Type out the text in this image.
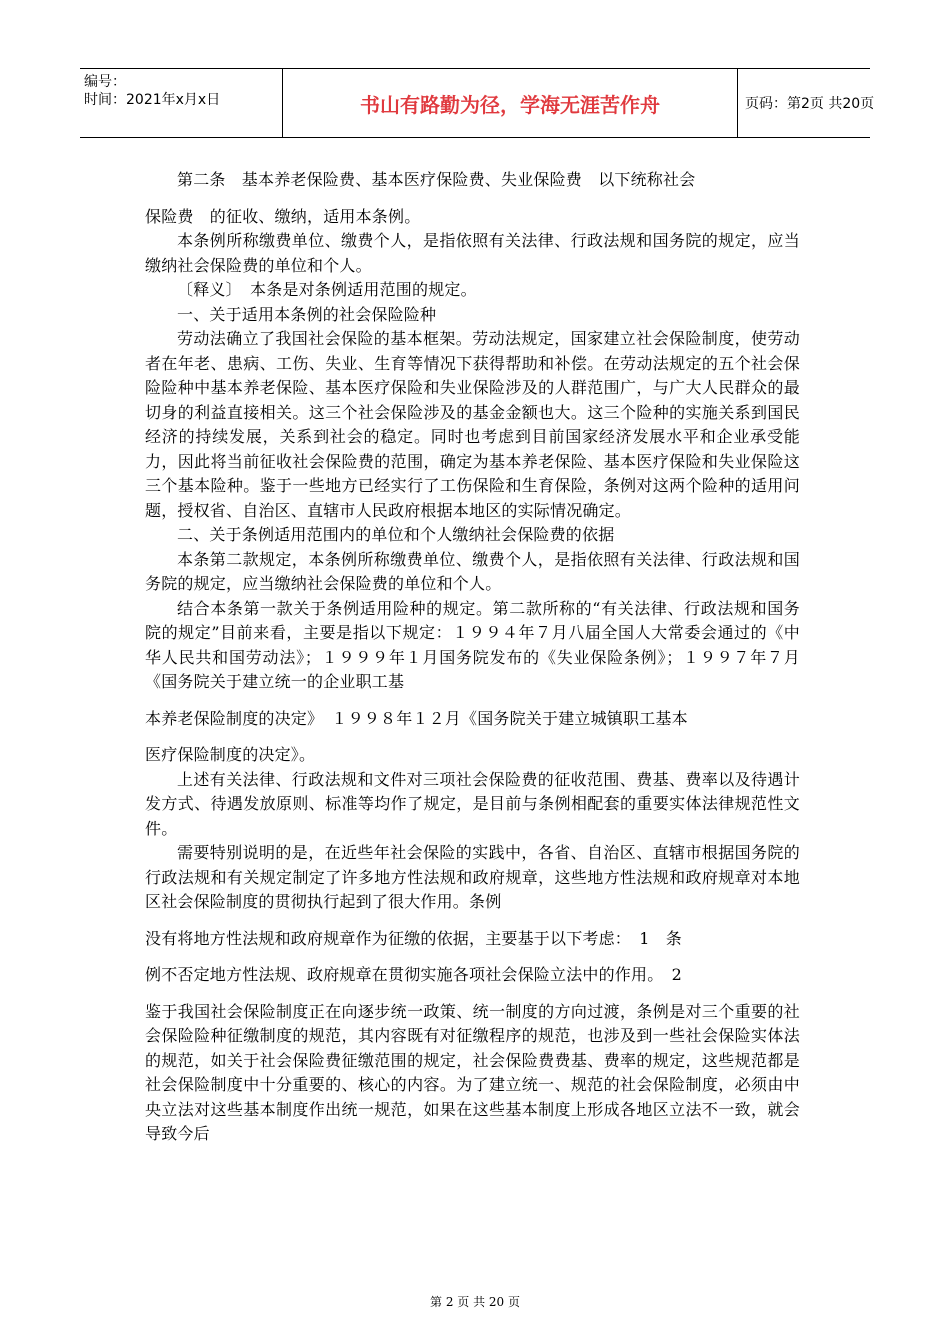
编号：
时间：2021年x月x日	书山有路勤为径，学海无涯苦作舟	页码：第2页 共20页

第二条　基本养老保险费、基本医疗保险费、失业保险费　以下统称社会

保险费　的征收、缴纳，适用本条例。

本条例所称缴费单位、缴费个人，是指依照有关法律、行政法规和国务院的规定，应当缴纳社会保险费的单位和个人。

〔释义〕　本条是对条例适用范围的规定。

一、关于适用本条例的社会保险险种

劳动法确立了我国社会保险的基本框架。劳动法规定，国家建立社会保险制度，使劳动者在年老、患病、工伤、失业、生育等情况下获得帮助和补偿。在劳动法规定的五个社会保险险种中基本养老保险、基本医疗保险和失业保险涉及的人群范围广，与广大人民群众的最切身的利益直接相关。这三个社会保险涉及的基金金额也大。这三个险种的实施关系到国民经济的持续发展，关系到社会的稳定。同时也考虑到目前国家经济发展水平和企业承受能力，因此将当前征收社会保险费的范围，确定为基本养老保险、基本医疗保险和失业保险这三个基本险种。鉴于一些地方已经实行了工伤保险和生育保险，条例对这两个险种的适用问题，授权省、自治区、直辖市人民政府根据本地区的实际情况确定。

二、关于条例适用范围内的单位和个人缴纳社会保险费的依据

本条第二款规定，本条例所称缴费单位、缴费个人，是指依照有关法律、行政法规和国务院的规定，应当缴纳社会保险费的单位和个人。

结合本条第一款关于条例适用险种的规定。第二款所称的“有关法律、行政法规和国务院的规定”目前来看，主要是指以下规定：１９９４年７月八届全国人大常委会通过的《中华人民共和国劳动法》；１９９９年１月国务院发布的《失业保险条例》；１９９７年７月《国务院关于建立统一的企业职工基

本养老保险制度的决定》　１９９８年１２月《国务院关于建立城镇职工基本

医疗保险制度的决定》。

上述有关法律、行政法规和文件对三项社会保险费的征收范围、费基、费率以及待遇计发方式、待遇发放原则、标准等均作了规定，是目前与条例相配套的重要实体法律规范性文件。

需要特别说明的是，在近些年社会保险的实践中，各省、自治区、直辖市根据国务院的行政法规和有关规定制定了许多地方性法规和政府规章，这些地方性法规和政府规章对本地区社会保险制度的贯彻执行起到了很大作用。条例

没有将地方性法规和政府规章作为征缴的依据，主要基于以下考虑：　1　条

例不否定地方性法规、政府规章在贯彻实施各项社会保险立法中的作用。　2

鉴于我国社会保险制度正在向逐步统一政策、统一制度的方向过渡，条例是对三个重要的社会保险险种征缴制度的规范，其内容既有对征缴程序的规范，也涉及到一些社会保险实体法的规范，如关于社会保险费征缴范围的规定，社会保险费费基、费率的规定，这些规范都是社会保险制度中十分重要的、核心的内容。为了建立统一、规范的社会保险制度，必须由中央立法对这些基本制度作出统一规范，如果在这些基本制度上形成各地区立法不一致，就会导致今后

第 2 页 共 20 页
